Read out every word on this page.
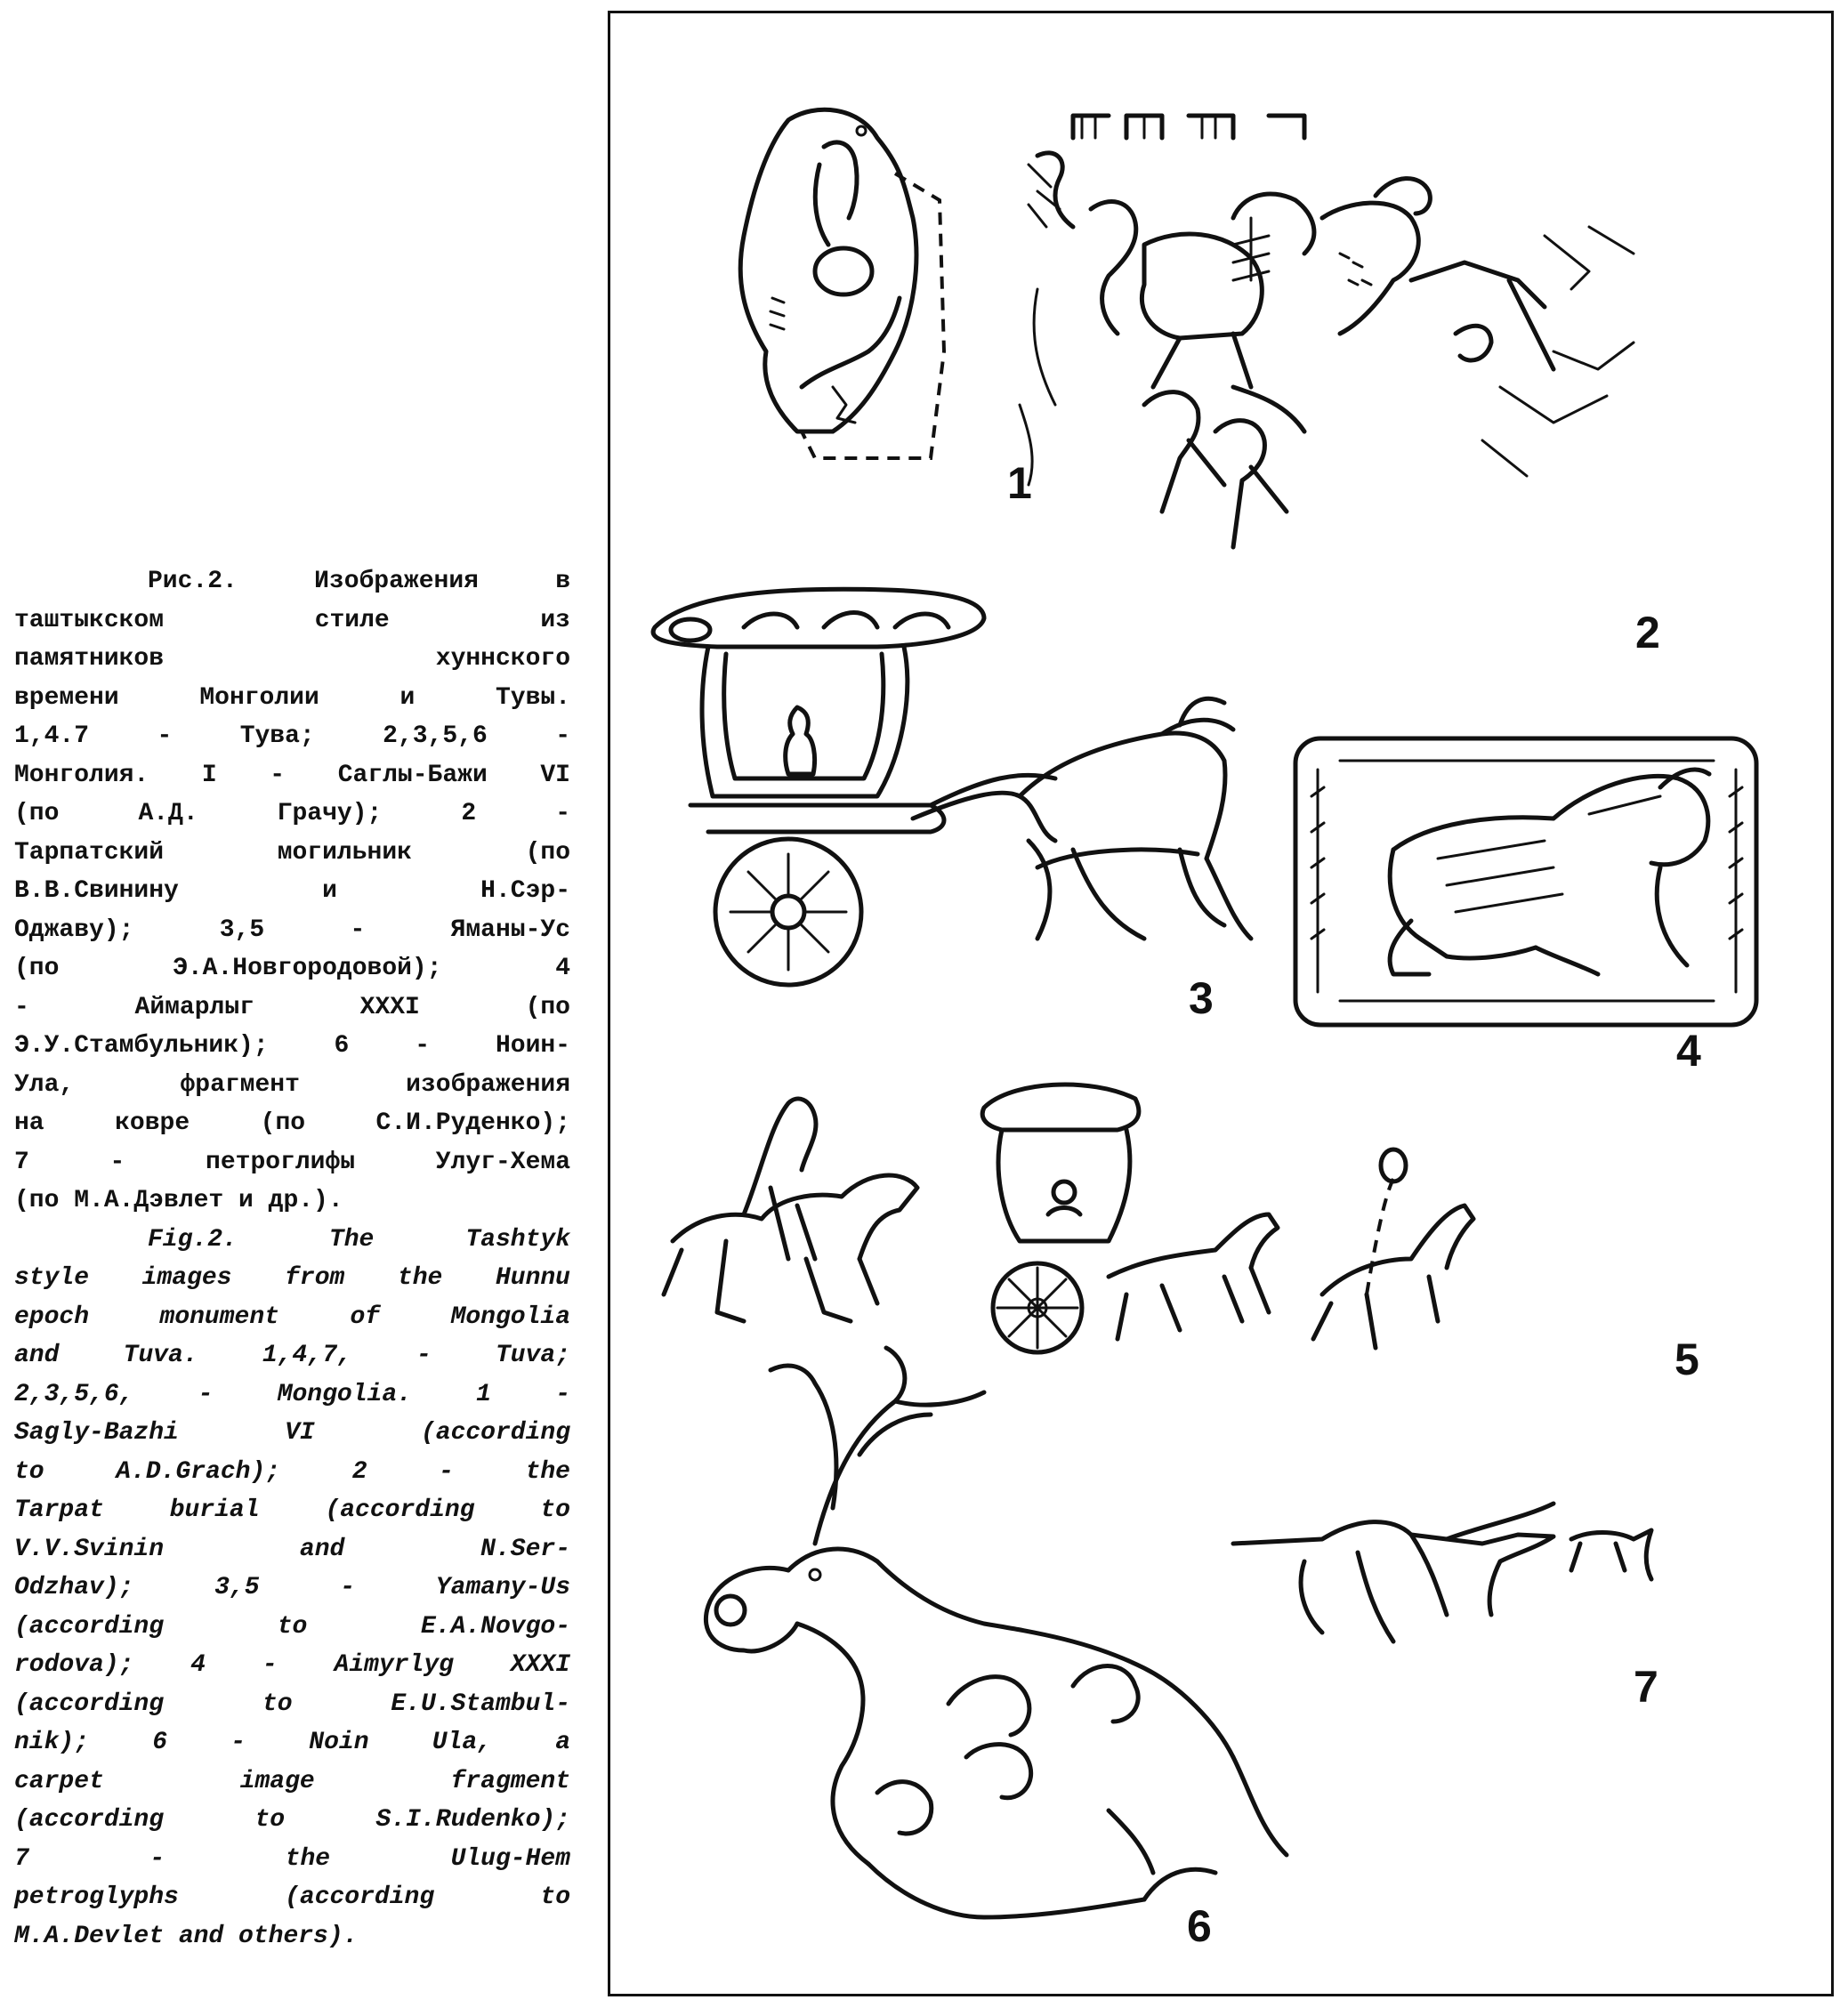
Рис.2. Изображения в
таштыкском стиле из
памятников хуннского
времени Монголии и Тувы.
1,4.7 - Тува; 2,3,5,6 -
Монголия. I - Саглы-Бажи VI
(по А.Д. Грачу); 2 -
Тарпатский могильник (по
В.В.Свинину и Н.Сэр-
Оджаву); 3,5 - Яманы-Ус
(по Э.А.Новгородовой); 4
- Аймарлыг XXXI (по
Э.У.Стамбульник); 6 - Ноин-
Ула, фрагмент изображения
на ковре (по С.И.Руденко);
7 - петроглифы Улуг-Хема
(по М.А.Дэвлет и др.).
Fig.2. The Tashtyk
style images from the Hunnu
epoch monument of Mongolia
and Tuva. 1,4,7, - Tuva;
2,3,5,6, - Mongolia. 1 -
Sagly-Bazhi VI (according
to A.D.Grach); 2 - the
Tarpat burial (according to
V.V.Svinin and N.Ser-
Odzhav); 3,5 - Yamany-Us
(according to E.A.Novgo-
rodova); 4 - Aimyrlyg XXXI
(according to E.U.Stambul-
nik); 6 - Noin Ula, a
carpet image fragment
(according to S.I.Rudenko);
7 - the Ulug-Hem
petroglyphs (according to
M.A.Devlet and others).
1
2
3
4
5
6
7
